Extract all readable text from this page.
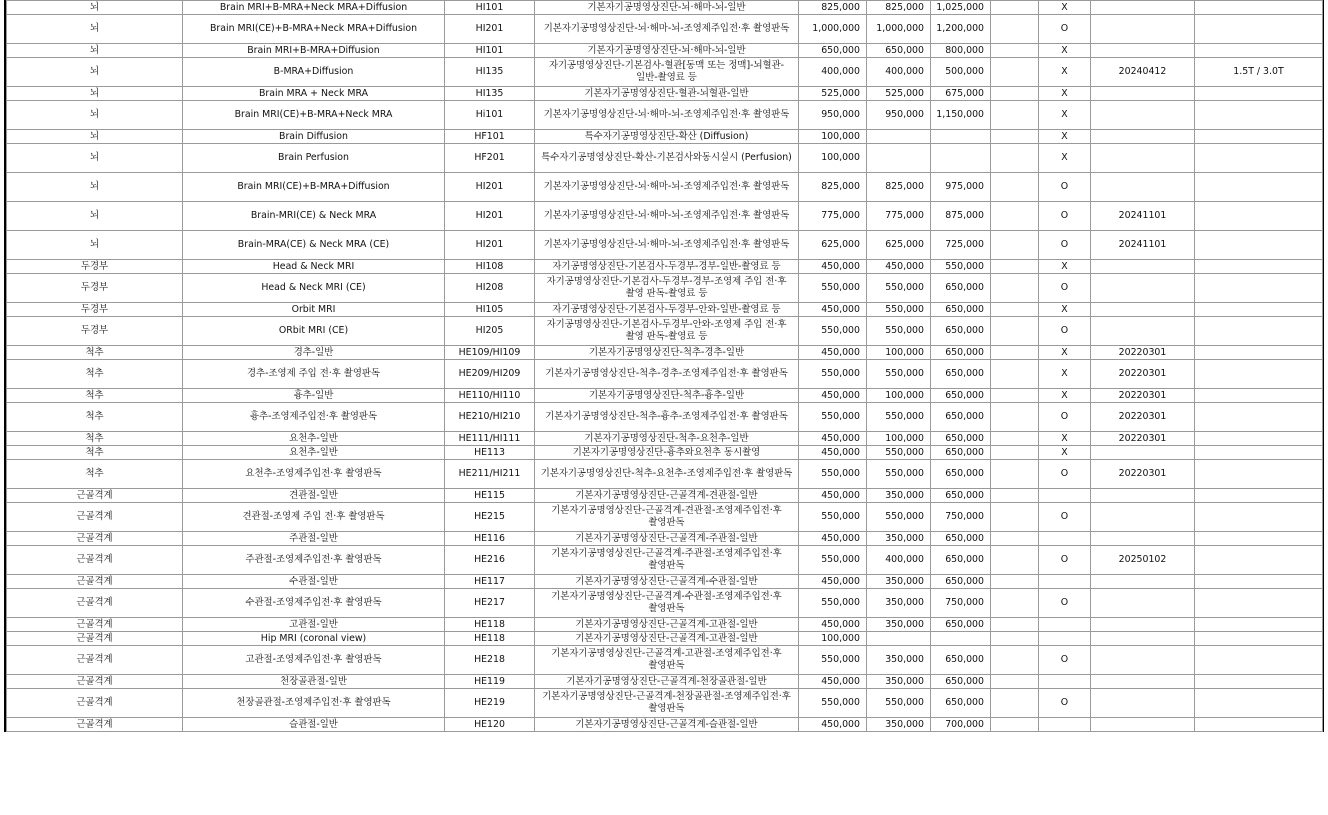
뇌	Brain MRI+B-MRA+Neck MRA+Diffusion	HI101	기본자기공명영상진단-뇌·해마-뇌-일반	825,000	825,000	1,025,000		X		
뇌	Brain MRI(CE)+B-MRA+Neck MRA+Diffusion	HI201	기본자기공명영상진단-뇌·해마-뇌-조영제주입전·후 촬영판독	1,000,000	1,000,000	1,200,000		O		
뇌	Brain MRI+B-MRA+Diffusion	HI101	기본자기공명영상진단-뇌·해마-뇌-일반	650,000	650,000	800,000		X		
뇌	B-MRA+Diffusion	HI135	자기공명영상진단-기본검사-혈관[동맥 또는 정맥]-뇌혈관-일반-촬영료 등	400,000	400,000	500,000		X	20240412	1.5T / 3.0T
뇌	Brain MRA + Neck MRA	HI135	기본자기공명영상진단-혈관-뇌혈관-일반	525,000	525,000	675,000		X		
뇌	Brain MRI(CE)+B-MRA+Neck MRA	Hi101	기본자기공명영상진단-뇌·해마-뇌-조영제주입전·후 촬영판독	950,000	950,000	1,150,000		X		
뇌	Brain Diffusion	HF101	특수자기공명영상진단-확산 (Diffusion)	100,000				X		
뇌	Brain Perfusion	HF201	특수자기공명영상진단-확산-기본검사와동시실시 (Perfusion)	100,000				X		
뇌	Brain MRI(CE)+B-MRA+Diffusion	HI201	기본자기공명영상진단-뇌·해마-뇌-조영제주입전·후 촬영판독	825,000	825,000	975,000		O		
뇌	Brain-MRI(CE) & Neck MRA	HI201	기본자기공명영상진단-뇌·해마-뇌-조영제주입전·후 촬영판독	775,000	775,000	875,000		O	20241101	
뇌	Brain-MRA(CE) & Neck MRA (CE)	HI201	기본자기공명영상진단-뇌·해마-뇌-조영제주입전·후 촬영판독	625,000	625,000	725,000		O	20241101	
두경부	Head & Neck MRI	HI108	자기공명영상진단-기본검사-두경부-경부-일반-촬영료 등	450,000	450,000	550,000		X		
두경부	Head & Neck MRI (CE)	HI208	자기공명영상진단-기본검사-두경부-경부-조영제 주입 전·후 촬영 판독-촬영료 등	550,000	550,000	650,000		O		
두경부	Orbit MRI	HI105	자기공명영상진단-기본검사-두경부-안와-일반-촬영료 등	450,000	550,000	650,000		X		
두경부	ORbit MRI (CE)	HI205	자기공명영상진단-기본검사-두경부-안와-조영제 주입 전·후 촬영 판독-촬영료 등	550,000	550,000	650,000		O		
척추	경추-일반	HE109/HI109	기본자기공명영상진단-척추-경추-일반	450,000	100,000	650,000		X	20220301	
척추	경추-조영제 주입 전·후 촬영판독	HE209/HI209	기본자기공명영상진단-척추-경추-조영제주입전·후 촬영판독	550,000	550,000	650,000		X	20220301	
척추	흉추-일반	HE110/HI110	기본자기공명영상진단-척추-흉추-일반	450,000	100,000	650,000		X	20220301	
척추	흉추-조영제주입전·후 촬영판독	HE210/HI210	기본자기공명영상진단-척추-흉추-조영제주입전·후 촬영판독	550,000	550,000	650,000		O	20220301	
척추	요천추-일반	HE111/HI111	기본자기공명영상진단-척추-요천추-일반	450,000	100,000	650,000		X	20220301	
척추	요천추-일반	HE113	기본자기공명영상진단-흉추와요천추 동시촬영	450,000	550,000	650,000		X		
척추	요천추-조영제주입전·후 촬영판독	HE211/HI211	기본자기공명영상진단-척추-요천추-조영제주입전·후 촬영판독	550,000	550,000	650,000		O	20220301	
근골격계	견관절-일반	HE115	기본자기공명영상진단-근골격계-견관절-일반	450,000	350,000	650,000				
근골격계	견관절-조영제 주입 전·후 촬영판독	HE215	기본자기공명영상진단-근골격계-견관절-조영제주입전·후 촬영판독	550,000	550,000	750,000		O		
근골격계	주관절-일반	HE116	기본자기공명영상진단-근골격계-주관절-일반	450,000	350,000	650,000				
근골격계	주관절-조영제주입전·후 촬영판독	HE216	기본자기공명영상진단-근골격계-주관절-조영제주입전·후 촬영판독	550,000	400,000	650,000		O	20250102	
근골격계	수관절-일반	HE117	기본자기공명영상진단-근골격계-수관절-일반	450,000	350,000	650,000				
근골격계	수관절-조영제주입전·후 촬영판독	HE217	기본자기공명영상진단-근골격계-수관절-조영제주입전·후 촬영판독	550,000	350,000	750,000		O		
근골격계	고관절-일반	HE118	기본자기공명영상진단-근골격계-고관절-일반	450,000	350,000	650,000				
근골격계	Hip MRI (coronal view)	HE118	기본자기공명영상진단-근골격계-고관절-일반	100,000						
근골격계	고관절-조영제주입전·후 촬영판독	HE218	기본자기공명영상진단-근골격계-고관절-조영제주입전·후 촬영판독	550,000	350,000	650,000		O		
근골격계	천장골관절-일반	HE119	기본자기공명영상진단-근골격계-천장골관절-일반	450,000	350,000	650,000				
근골격계	천장골관절-조영제주입전·후 촬영판독	HE219	기본자기공명영상진단-근골격계-천장골관절-조영제주입전·후 촬영판독	550,000	550,000	650,000		O		
근골격계	슬관절-일반	HE120	기본자기공명영상진단-근골격계-슬관절-일반	450,000	350,000	700,000				
